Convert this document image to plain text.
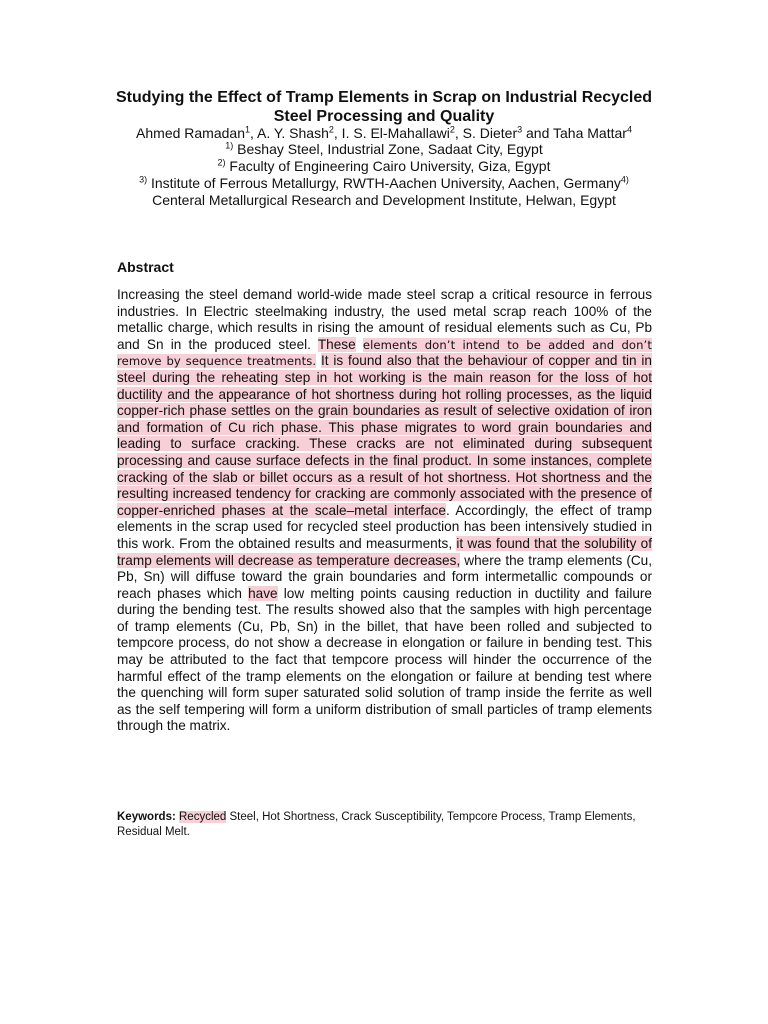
Studying the Effect of Tramp Elements in Scrap on Industrial Recycled Steel Processing and Quality
Ahmed Ramadan$^1$, A. Y. Shash$^2$, I. S. El-Mahallawi$^2$, S. Dieter$^3$ and Taha Mattar$^4$
$^{1)}$ Beshay Steel, Industrial Zone, Sadaat City, Egypt
$^{2)}$ Faculty of Engineering Cairo University, Giza, Egypt
$^{3)}$ Institute of Ferrous Metallurgy, RWTH-Aachen University, Aachen, Germany$^{4)}$ Centeral Metallurgical Research and Development Institute, Helwan, Egypt
Abstract
Increasing the steel demand world-wide made steel scrap a critical resource in ferrous industries. In Electric steelmaking industry, the used metal scrap reach 100% of the metallic charge, which results in rising the amount of residual elements such as Cu, Pb and Sn in the produced steel. These elements don’t intend to be added and don’t remove by sequence treatments. It is found also that the behaviour of copper and tin in steel during the reheating step in hot working is the main reason for the loss of hot ductility and the appearance of hot shortness during hot rolling processes, as the liquid copper-rich phase settles on the grain boundaries as result of selective oxidation of iron and formation of Cu rich phase. This phase migrates to word grain boundaries and leading to surface cracking. These cracks are not eliminated during subsequent processing and cause surface defects in the final product. In some instances, complete cracking of the slab or billet occurs as a result of hot shortness. Hot shortness and the resulting increased tendency for cracking are commonly associated with the presence of copper-enriched phases at the scale–metal interface. Accordingly, the effect of tramp elements in the scrap used for recycled steel production has been intensively studied in this work. From the obtained results and measurments, it was found that the solubility of tramp elements will decrease as temperature decreases, where the tramp elements (Cu, Pb, Sn) will diffuse toward the grain boundaries and form intermetallic compounds or reach phases which have low melting points causing reduction in ductility and failure during the bending test. The results showed also that the samples with high percentage of tramp elements (Cu, Pb, Sn) in the billet, that have been rolled and subjected to tempcore process, do not show a decrease in elongation or failure in bending test. This may be attributed to the fact that tempcore process will hinder the occurrence of the harmful effect of the tramp elements on the elongation or failure at bending test where the quenching will form super saturated solid solution of tramp inside the ferrite as well as the self tempering will form a uniform distribution of small particles of tramp elements through the matrix.
Keywords: Recycled Steel, Hot Shortness, Crack Susceptibility, Tempcore Process, Tramp Elements, Residual Melt.
